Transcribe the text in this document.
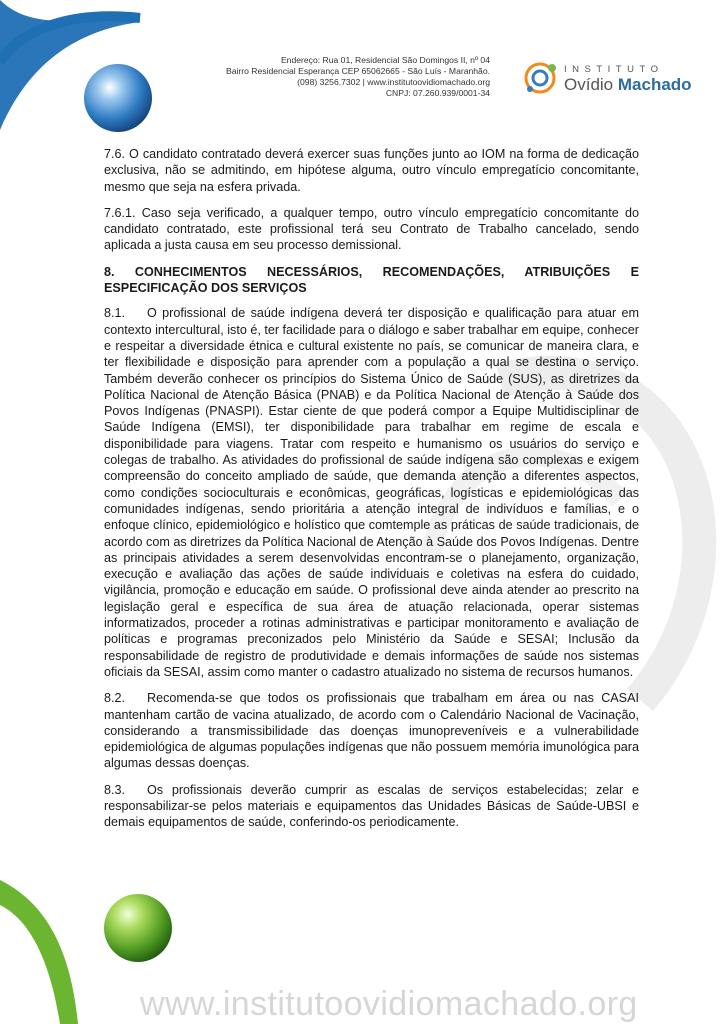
Endereço: Rua 01, Residencial São Domingos II, nº 04
Bairro Residencial Esperança CEP 65062665 - São Luís - Maranhão.
(098) 3256.7302 | www.institutoovidiomachado.org
CNPJ: 07.260.939/0001-34
INSTITUTO
Ovídio Machado

7.6. O candidato contratado deverá exercer suas funções junto ao IOM na forma de dedicação exclusiva, não se admitindo, em hipótese alguma, outro vínculo empregatício concomitante, mesmo que seja na esfera privada.

7.6.1. Caso seja verificado, a qualquer tempo, outro vínculo empregatício concomitante do candidato contratado, este profissional terá seu Contrato de Trabalho cancelado, sendo aplicada a justa causa em seu processo demissional.

8. CONHECIMENTOS NECESSÁRIOS, RECOMENDAÇÕES, ATRIBUIÇÕES E ESPECIFICAÇÃO DOS SERVIÇOS

8.1. O profissional de saúde indígena deverá ter disposição e qualificação para atuar em contexto intercultural, isto é, ter facilidade para o diálogo e saber trabalhar em equipe, conhecer e respeitar a diversidade étnica e cultural existente no país, se comunicar de maneira clara, e ter flexibilidade e disposição para aprender com a população a qual se destina o serviço. Também deverão conhecer os princípios do Sistema Único de Saúde (SUS), as diretrizes da Política Nacional de Atenção Básica (PNAB) e da Política Nacional de Atenção à Saúde dos Povos Indígenas (PNASPI). Estar ciente de que poderá compor a Equipe Multidisciplinar de Saúde Indígena (EMSI), ter disponibilidade para trabalhar em regime de escala e disponibilidade para viagens. Tratar com respeito e humanismo os usuários do serviço e colegas de trabalho. As atividades do profissional de saúde indígena são complexas e exigem compreensão do conceito ampliado de saúde, que demanda atenção a diferentes aspectos, como condições socioculturais e econômicas, geográficas, logísticas e epidemiológicas das comunidades indígenas, sendo prioritária a atenção integral de indivíduos e famílias, e o enfoque clínico, epidemiológico e holístico que comtemple as práticas de saúde tradicionais, de acordo com as diretrizes da Política Nacional de Atenção à Saúde dos Povos Indígenas. Dentre as principais atividades a serem desenvolvidas encontram-se o planejamento, organização, execução e avaliação das ações de saúde individuais e coletivas na esfera do cuidado, vigilância, promoção e educação em saúde. O profissional deve ainda atender ao prescrito na legislação geral e específica de sua área de atuação relacionada, operar sistemas informatizados, proceder a rotinas administrativas e participar monitoramento e avaliação de políticas e programas preconizados pelo Ministério da Saúde e SESAI; Inclusão da responsabilidade de registro de produtividade e demais informações de saúde nos sistemas oficiais da SESAI, assim como manter o cadastro atualizado no sistema de recursos humanos.

8.2. Recomenda-se que todos os profissionais que trabalham em área ou nas CASAI mantenham cartão de vacina atualizado, de acordo com o Calendário Nacional de Vacinação, considerando a transmissibilidade das doenças imunopreveníveis e a vulnerabilidade epidemiológica de algumas populações indígenas que não possuem memória imunológica para algumas dessas doenças.

8.3. Os profissionais deverão cumprir as escalas de serviços estabelecidas; zelar e responsabilizar-se pelos materiais e equipamentos das Unidades Básicas de Saúde-UBSI e demais equipamentos de saúde, conferindo-os periodicamente.

www.institutoovidiomachado.org
